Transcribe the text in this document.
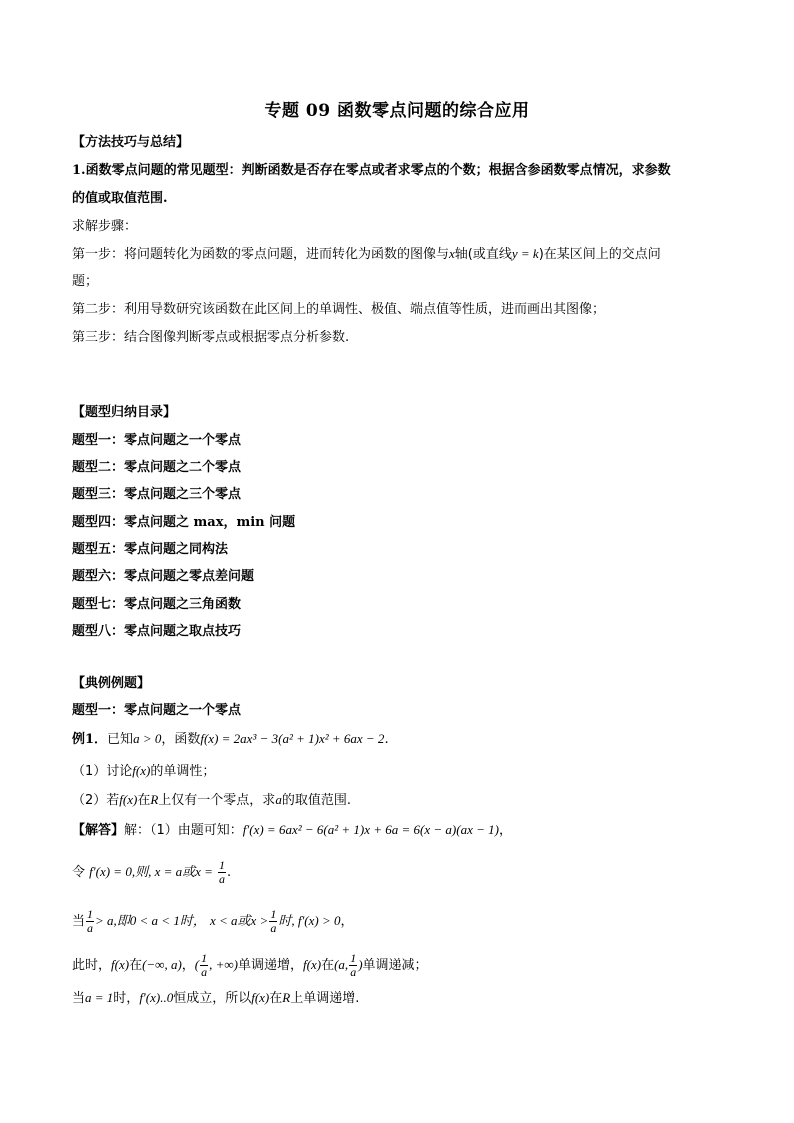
专题 09 函数零点问题的综合应用
【方法技巧与总结】
1.函数零点问题的常见题型：判断函数是否存在零点或者求零点的个数；根据含参函数零点情况，求参数
的值或取值范围.
求解步骤：
第一步：将问题转化为函数的零点问题，进而转化为函数的图像与x轴(或直线y = k)在某区间上的交点问
题；
第二步：利用导数研究该函数在此区间上的单调性、极值、端点值等性质，进而画出其图像；
第三步：结合图像判断零点或根据零点分析参数.
【题型归纳目录】
题型一：零点问题之一个零点
题型二：零点问题之二个零点
题型三：零点问题之三个零点
题型四：零点问题之 max，min 问题
题型五：零点问题之同构法
题型六：零点问题之零点差问题
题型七：零点问题之三角函数
题型八：零点问题之取点技巧
【典例例题】
题型一：零点问题之一个零点
例1．已知a > 0，函数f(x) = 2ax³ − 3(a² + 1)x² + 6ax − 2.
（1）讨论f(x)的单调性；
（2）若f(x)在R上仅有一个零点，求a的取值范围.
【解答】解：（1）由题可知：f′(x) = 6ax² − 6(a² + 1)x + 6a = 6(x − a)(ax − 1)，
令 f′(x) = 0,则, x = a或$x = \frac{1}{a}$ .
当 $\frac{1}{a} > a$,即0 < a < 1时， x < a或$x > \frac{1}{a}$ 时, f′(x) > 0，
此时，f(x)在(−∞, a)，( $\frac{1}{a}$ , +∞)单调递增，f(x)在(a, $\frac{1}{a}$ )单调递减；
当a = 1时，f′(x)..0恒成立，所以f(x)在R上单调递增.
